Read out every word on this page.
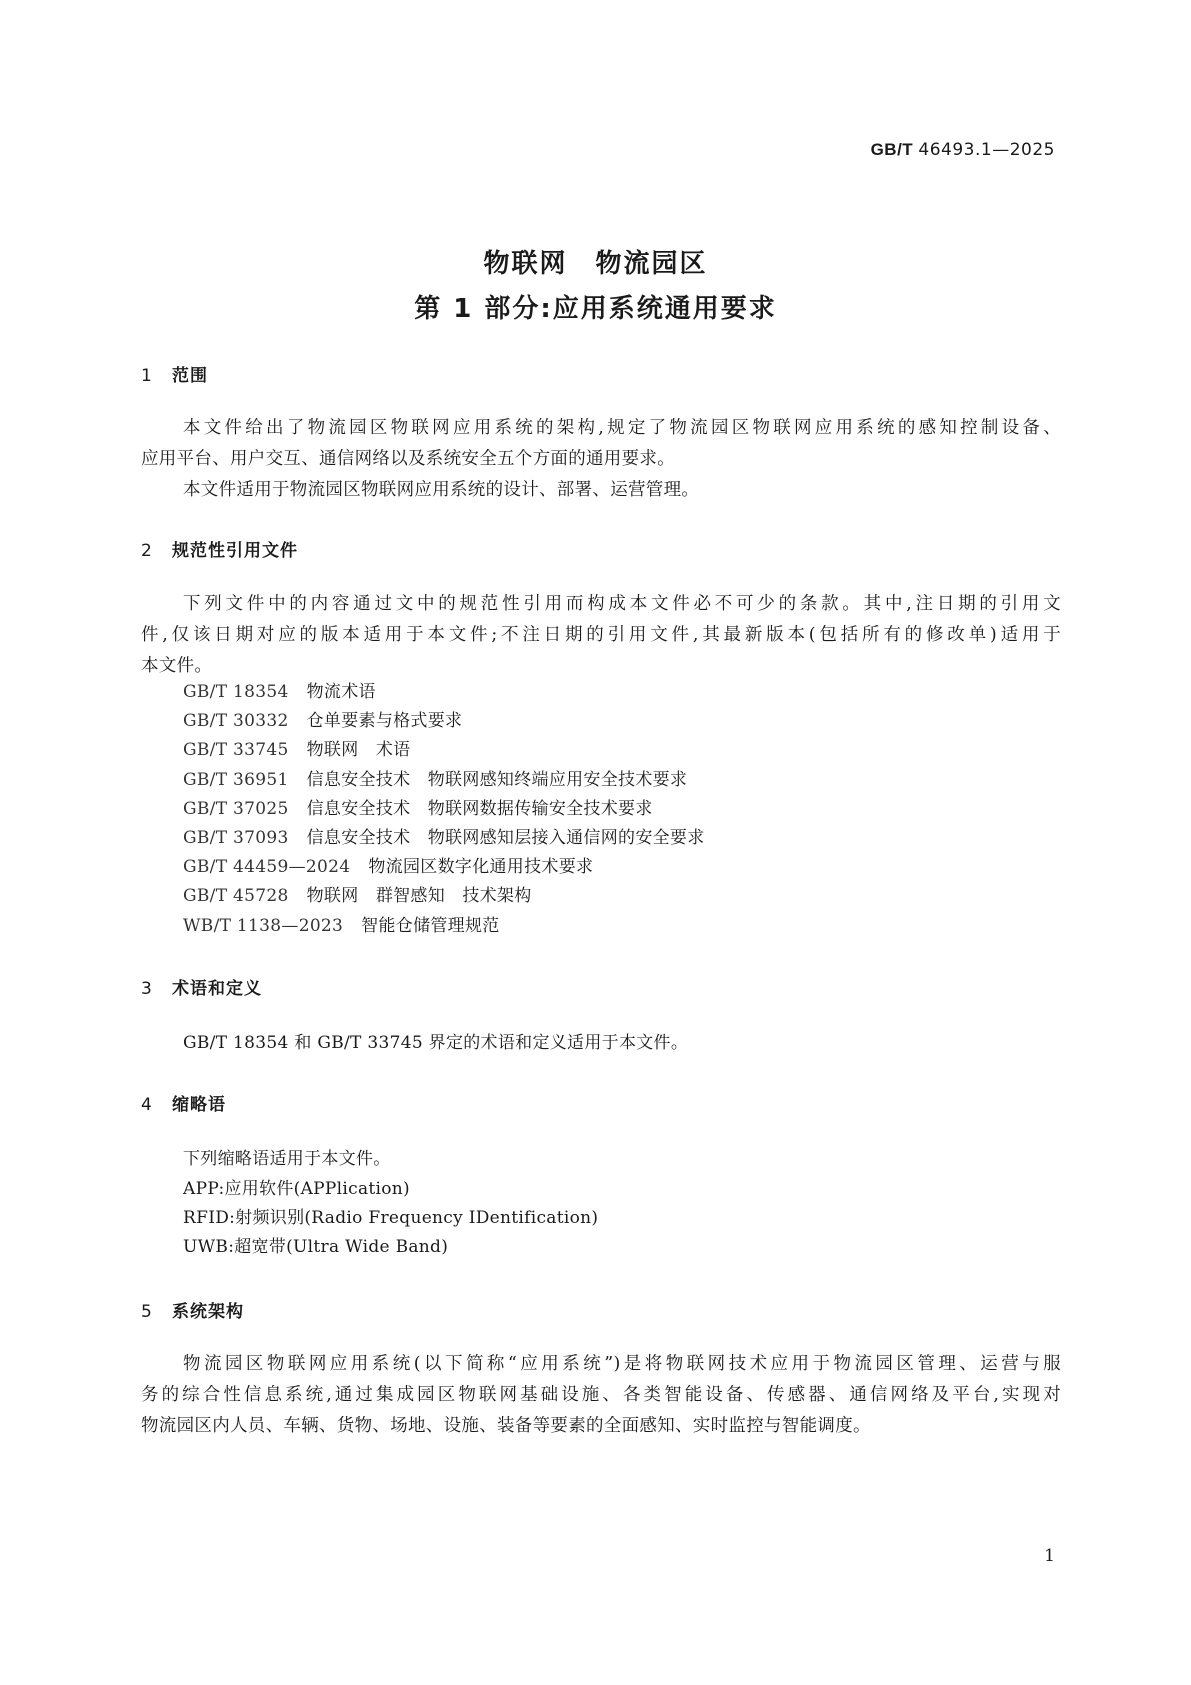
GB/T 46493.1—2025
物联网　物流园区
第 1 部分:应用系统通用要求
1 范围
本文件给出了物流园区物联网应用系统的架构,规定了物流园区物联网应用系统的感知控制设备、
应用平台、用户交互、通信网络以及系统安全五个方面的通用要求。
本文件适用于物流园区物联网应用系统的设计、部署、运营管理。
2 规范性引用文件
下列文件中的内容通过文中的规范性引用而构成本文件必不可少的条款。其中,注日期的引用文
件,仅该日期对应的版本适用于本文件;不注日期的引用文件,其最新版本(包括所有的修改单)适用于
本文件。
GB/T 18354 物流术语
GB/T 30332 仓单要素与格式要求
GB/T 33745 物联网　术语
GB/T 36951 信息安全技术　物联网感知终端应用安全技术要求
GB/T 37025 信息安全技术　物联网数据传输安全技术要求
GB/T 37093 信息安全技术　物联网感知层接入通信网的安全要求
GB/T 44459—2024 物流园区数字化通用技术要求
GB/T 45728 物联网　群智感知　技术架构
WB/T 1138—2023 智能仓储管理规范
3 术语和定义
GB/T 18354 和 GB/T 33745 界定的术语和定义适用于本文件。
4 缩略语
下列缩略语适用于本文件。
APP:应用软件(APPlication)
RFID:射频识别(Radio Frequency IDentification)
UWB:超宽带(Ultra Wide Band)
5 系统架构
物流园区物联网应用系统(以下简称“应用系统”)是将物联网技术应用于物流园区管理、运营与服
务的综合性信息系统,通过集成园区物联网基础设施、各类智能设备、传感器、通信网络及平台,实现对
物流园区内人员、车辆、货物、场地、设施、装备等要素的全面感知、实时监控与智能调度。
1
